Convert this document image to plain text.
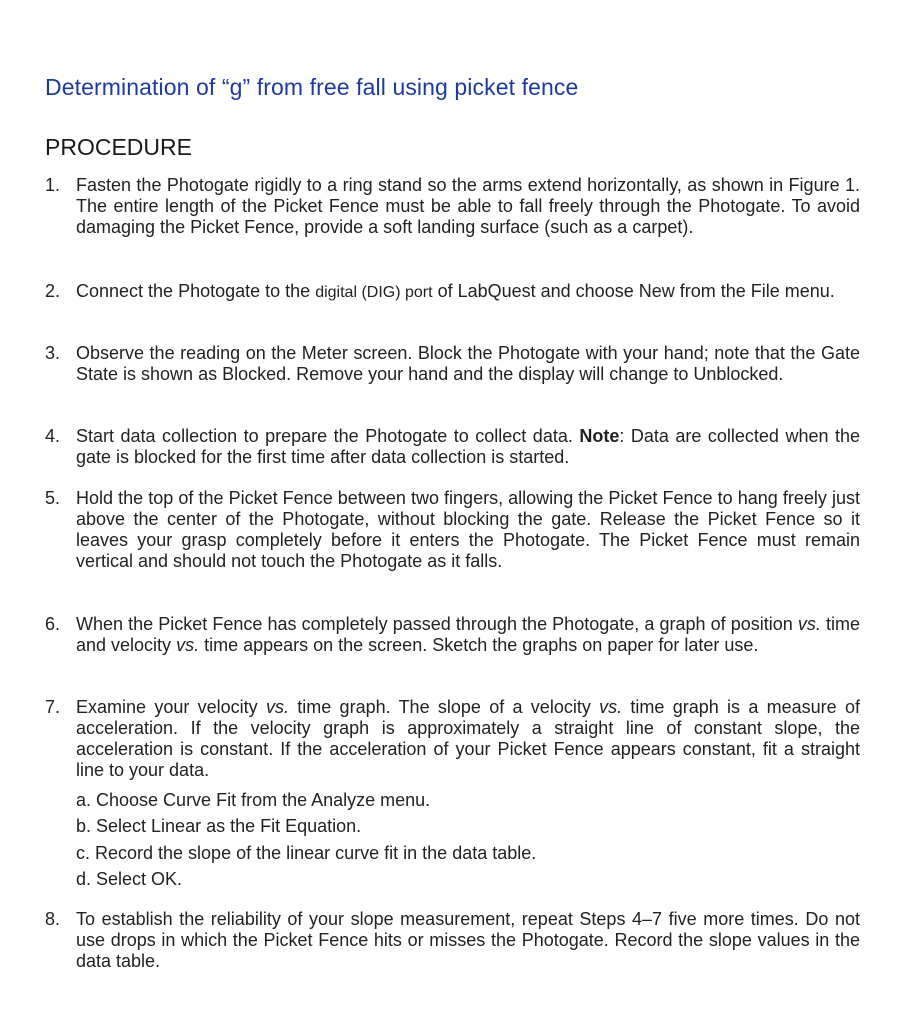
Determination of “g” from free fall using picket fence
PROCEDURE
1. Fasten the Photogate rigidly to a ring stand so the arms extend horizontally, as shown in Figure 1. The entire length of the Picket Fence must be able to fall freely through the Photogate. To avoid damaging the Picket Fence, provide a soft landing surface (such as a carpet).
2. Connect the Photogate to the digital (DIG) port of LabQuest and choose New from the File menu.
3. Observe the reading on the Meter screen. Block the Photogate with your hand; note that the Gate State is shown as Blocked. Remove your hand and the display will change to Unblocked.
4. Start data collection to prepare the Photogate to collect data. Note: Data are collected when the gate is blocked for the first time after data collection is started.
5. Hold the top of the Picket Fence between two fingers, allowing the Picket Fence to hang freely just above the center of the Photogate, without blocking the gate. Release the Picket Fence so it leaves your grasp completely before it enters the Photogate. The Picket Fence must remain vertical and should not touch the Photogate as it falls.
6. When the Picket Fence has completely passed through the Photogate, a graph of position vs. time and velocity vs. time appears on the screen. Sketch the graphs on paper for later use.
7. Examine your velocity vs. time graph. The slope of a velocity vs. time graph is a measure of acceleration. If the velocity graph is approximately a straight line of constant slope, the acceleration is constant. If the acceleration of your Picket Fence appears constant, fit a straight line to your data.
a. Choose Curve Fit from the Analyze menu.
b. Select Linear as the Fit Equation.
c. Record the slope of the linear curve fit in the data table.
d. Select OK.
8. To establish the reliability of your slope measurement, repeat Steps 4–7 five more times. Do not use drops in which the Picket Fence hits or misses the Photogate. Record the slope values in the data table.
